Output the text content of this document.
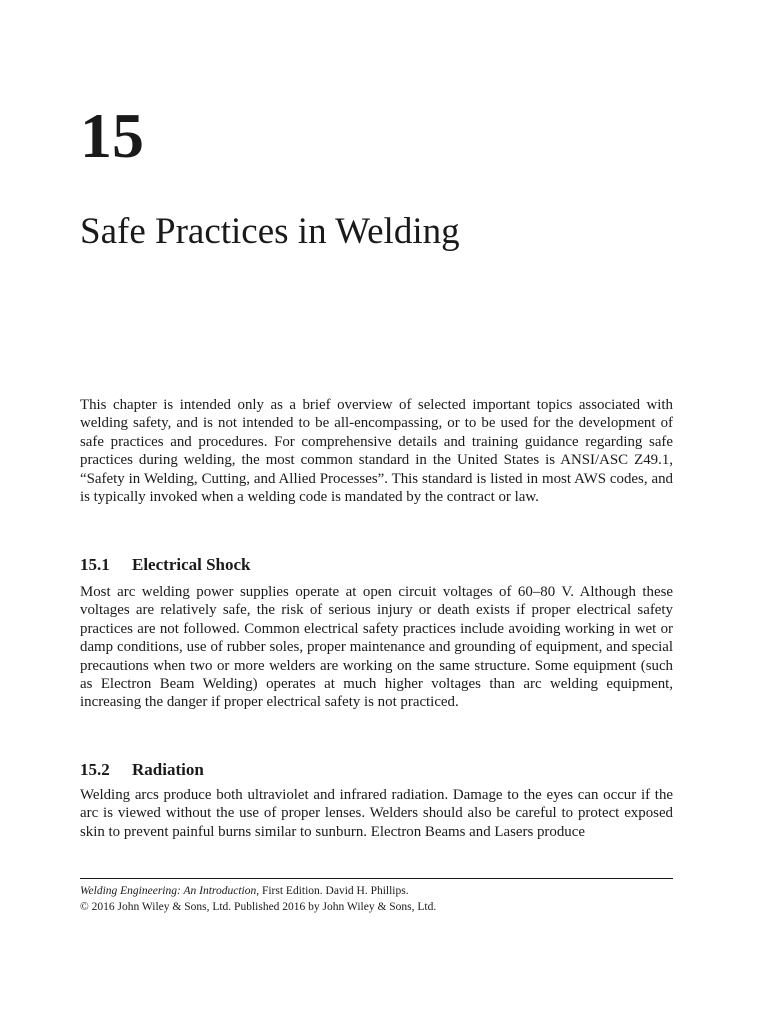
15
Safe Practices in Welding

This chapter is intended only as a brief overview of selected important topics associated with welding safety, and is not intended to be all-encompassing, or to be used for the development of safe practices and procedures. For comprehensive details and training guidance regarding safe practices during welding, the most common standard in the United States is ANSI/ASC Z49.1, “Safety in Welding, Cutting, and Allied Processes”. This standard is listed in most AWS codes, and is typically invoked when a welding code is mandated by the contract or law.

15.1 Electrical Shock

Most arc welding power supplies operate at open circuit voltages of 60–80 V. Although these voltages are relatively safe, the risk of serious injury or death exists if proper electrical safety practices are not followed. Common electrical safety practices include avoiding working in wet or damp conditions, use of rubber soles, proper maintenance and grounding of equipment, and special precautions when two or more welders are working on the same structure. Some equipment (such as Electron Beam Welding) operates at much higher voltages than arc welding equipment, increasing the danger if proper electrical safety is not practiced.

15.2 Radiation

Welding arcs produce both ultraviolet and infrared radiation. Damage to the eyes can occur if the arc is viewed without the use of proper lenses. Welders should also be careful to protect exposed skin to prevent painful burns similar to sunburn. Electron Beams and Lasers produce

Welding Engineering: An Introduction, First Edition. David H. Phillips.
© 2016 John Wiley & Sons, Ltd. Published 2016 by John Wiley & Sons, Ltd.
